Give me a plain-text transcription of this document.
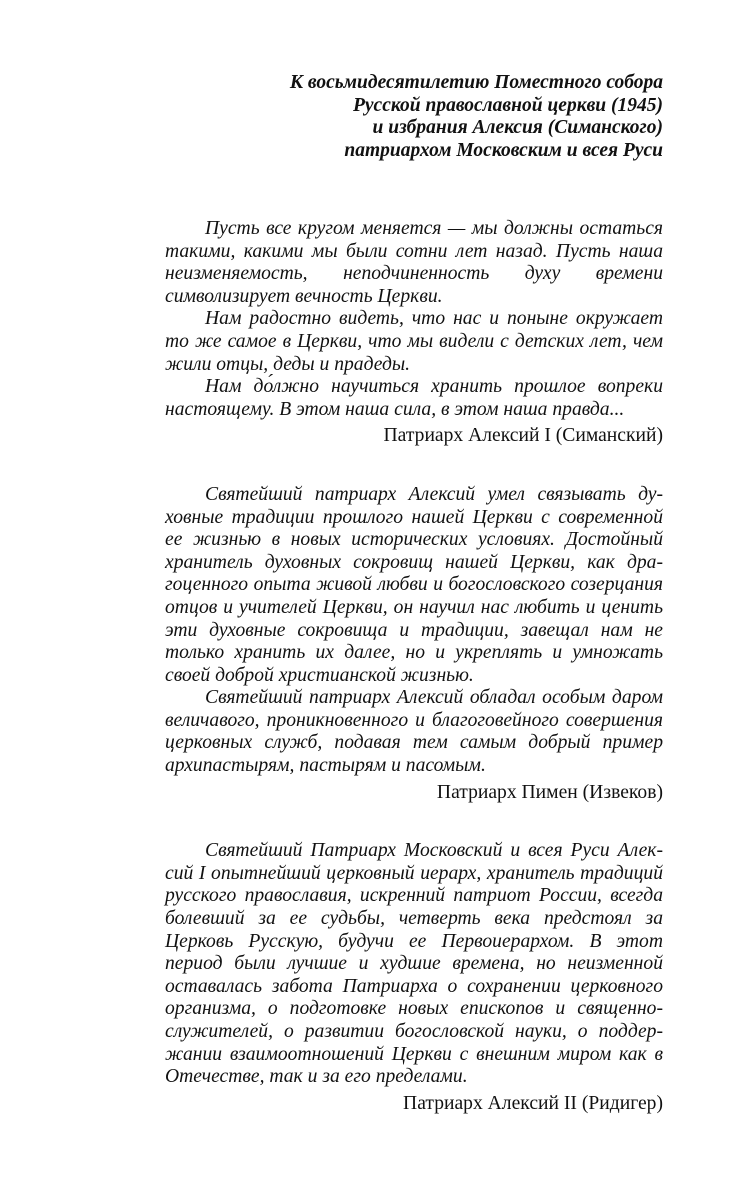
К восьмидесятилетию Поместного собора
Русской православной церкви (1945)
и избрания Алексия (Симанского)
патриархом Московским и всея Руси

Пусть все кругом меняется — мы должны остаться такими, какими мы были сотни лет назад. Пусть наша неизменяемость, неподчиненность духу времени символизирует вечность Церкви.

Нам радостно видеть, что нас и поныне окружает то же самое в Церкви, что мы видели с детских лет, чем жили отцы, деды и прадеды.

Нам до́лжно научиться хранить прошлое вопреки настоящему. В этом наша сила, в этом наша правда...

Патриарх Алексий I (Симанский)

Святейший патриарх Алексий умел связывать духовные традиции прошлого нашей Церкви с современной ее жизнью в новых исторических условиях. Достойный хранитель духовных сокровищ нашей Церкви, как драгоценного опыта живой любви и богословского созерцания отцов и учителей Церкви, он научил нас любить и ценить эти духовные сокровища и традиции, завещал нам не только хранить их далее, но и укреплять и умножать своей доброй христианской жизнью.

Святейший патриарх Алексий обладал особым даром величавого, проникновенного и благоговейного совершения церковных служб, подавая тем самым добрый пример архипастырям, пастырям и пасомым.

Патриарх Пимен (Извеков)

Святейший Патриарх Московский и всея Руси Алексий I опытнейший церковный иерарх, хранитель традиций русского православия, искренний патриот России, всегда болевший за ее судьбы, четверть века предстоял за Церковь Русскую, будучи ее Первоиерархом. В этот период были лучшие и худшие времена, но неизменной оставалась забота Патриарха о сохранении церковного организма, о подготовке новых епископов и священнослужителей, о развитии богословской науки, о поддержании взаимоотношений Церкви с внешним миром как в Отечестве, так и за его пределами.

Патриарх Алексий II (Ридигер)
